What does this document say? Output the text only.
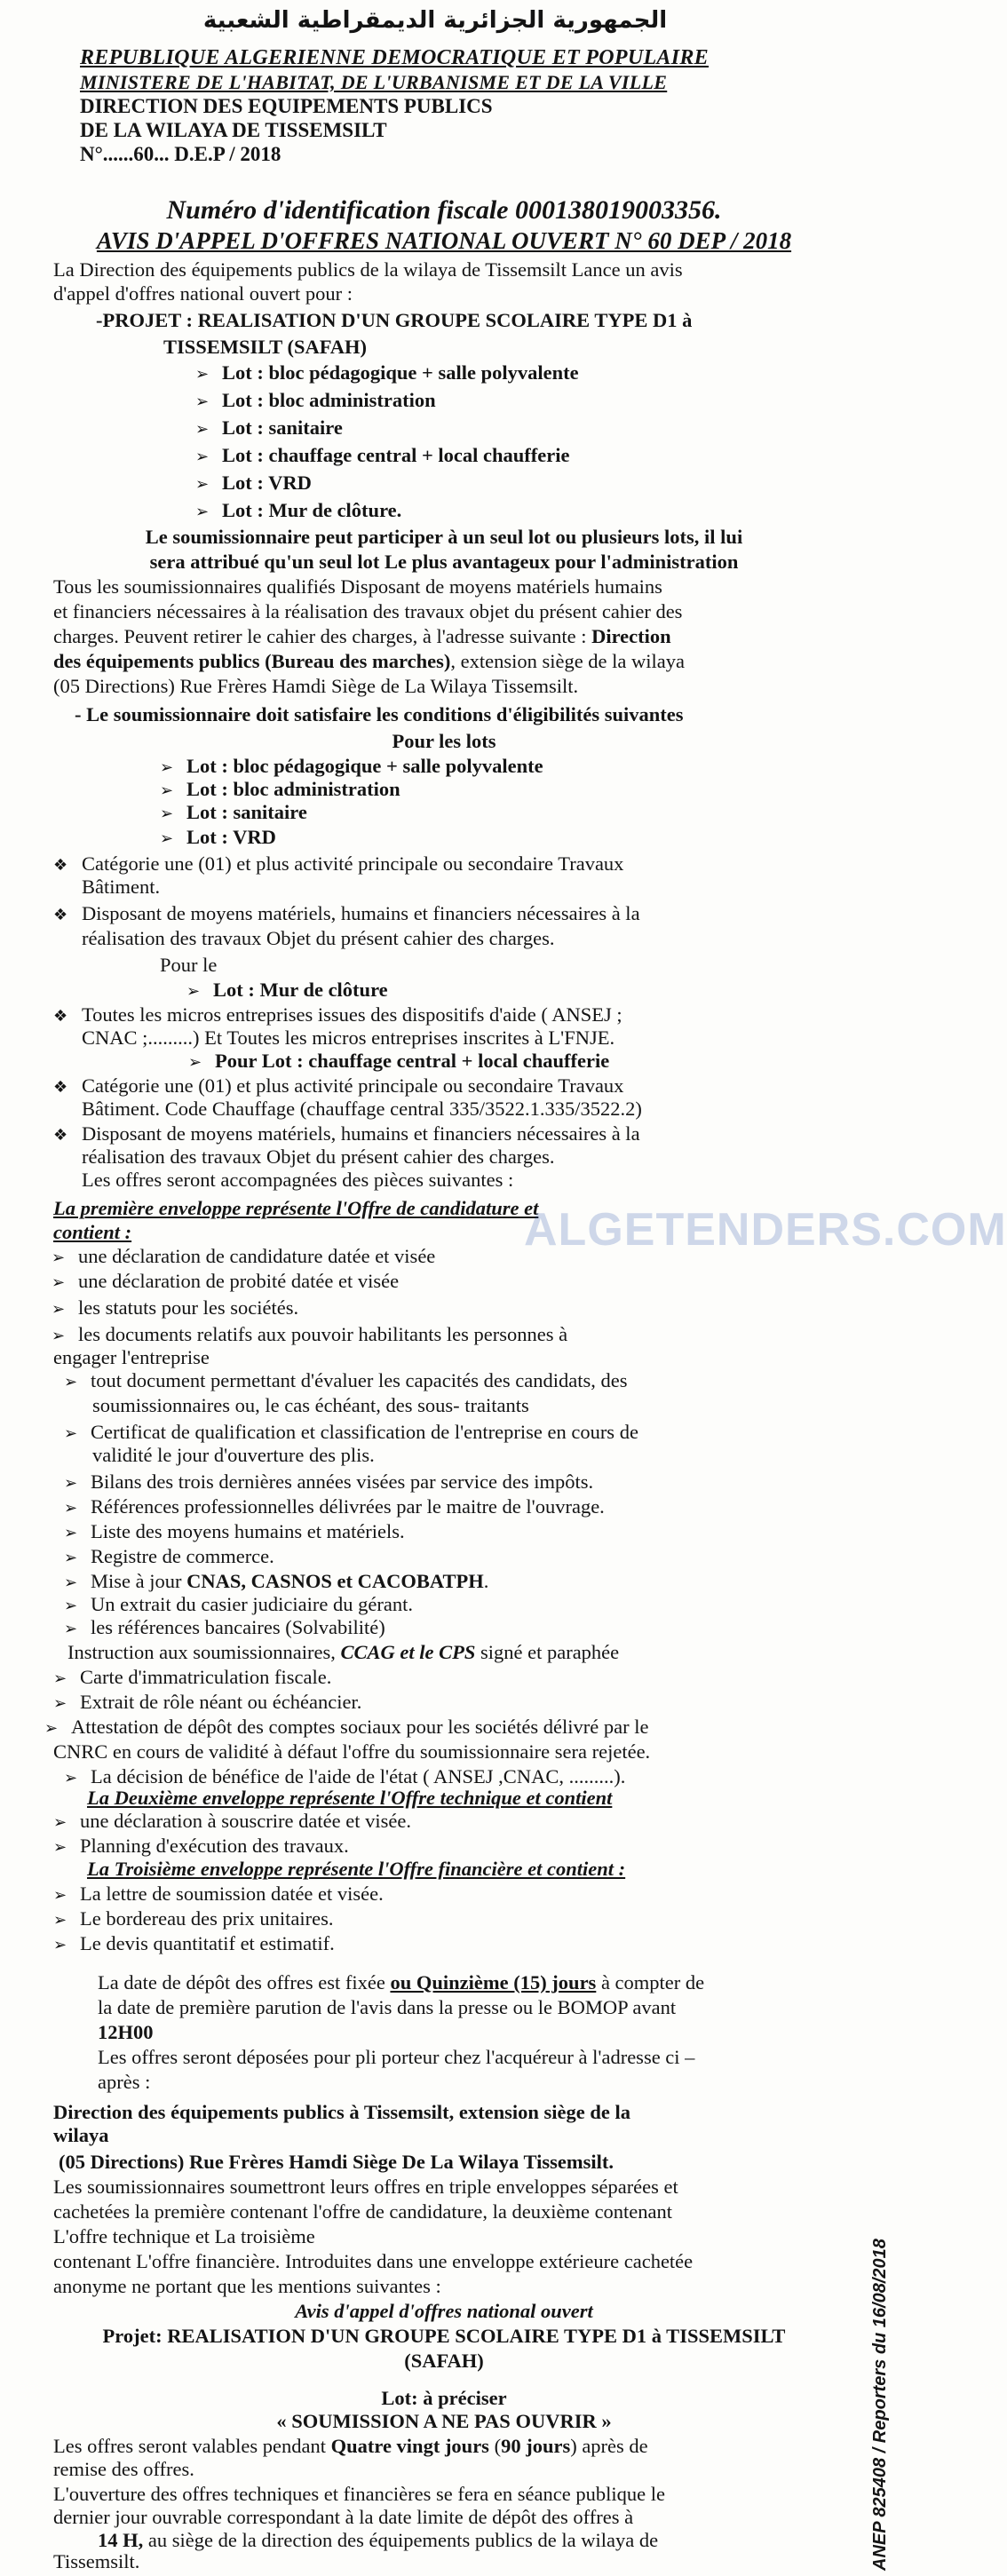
الجمهورية الجزائرية الديمقراطية الشعبية
REPUBLIQUE ALGERIENNE DEMOCRATIQUE ET POPULAIRE
MINISTERE DE L'HABITAT, DE L'URBANISME ET DE LA VILLE
DIRECTION DES EQUIPEMENTS PUBLICS
DE LA WILAYA DE TISSEMSILT
N°......60... D.E.P / 2018
Numéro d'identification fiscale 000138019003356.
AVIS D'APPEL D'OFFRES NATIONAL OUVERT N° 60 DEP / 2018
La Direction des équipements publics de la wilaya de Tissemsilt Lance un avis
d'appel d'offres national ouvert pour :
-PROJET : REALISATION D'UN GROUPE SCOLAIRE TYPE D1 à
TISSEMSILT (SAFAH)
➢ Lot : bloc pédagogique + salle polyvalente
➢ Lot : bloc administration
➢ Lot : sanitaire
➢ Lot : chauffage central + local chaufferie
➢ Lot : VRD
➢ Lot : Mur de clôture.
Le soumissionnaire peut participer à un seul lot ou plusieurs lots, il lui
sera attribué qu'un seul lot Le plus avantageux pour l'administration
Tous les soumissionnaires qualifiés Disposant de moyens matériels humains
et financiers nécessaires à la réalisation des travaux objet du présent cahier des
charges. Peuvent retirer le cahier des charges, à l'adresse suivante : Direction
des équipements publics (Bureau des marches), extension siège de la wilaya
(05 Directions) Rue Frères Hamdi Siège de La Wilaya Tissemsilt.
- Le soumissionnaire doit satisfaire les conditions d'éligibilités suivantes
Pour les lots
➢ Lot : bloc pédagogique + salle polyvalente
➢ Lot : bloc administration
➢ Lot : sanitaire
➢ Lot : VRD
❖ Catégorie une (01) et plus activité principale ou secondaire Travaux
Bâtiment.
❖ Disposant de moyens matériels, humains et financiers nécessaires à la
réalisation des travaux Objet du présent cahier des charges.
Pour le
➢ Lot : Mur de clôture
❖ Toutes les micros entreprises issues des dispositifs d'aide ( ANSEJ ;
CNAC ;.........) Et Toutes les micros entreprises inscrites à L'FNJE.
➢ Pour Lot : chauffage central + local chaufferie
❖ Catégorie une (01) et plus activité principale ou secondaire Travaux
Bâtiment. Code Chauffage (chauffage central 335/3522.1.335/3522.2)
❖ Disposant de moyens matériels, humains et financiers nécessaires à la
réalisation des travaux Objet du présent cahier des charges.
Les offres seront accompagnées des pièces suivantes :
La première enveloppe représente l'Offre de candidature et
contient :
➢ une déclaration de candidature datée et visée
➢ une déclaration de probité datée et visée
➢ les statuts pour les sociétés.
➢ les documents relatifs aux pouvoir habilitants les personnes à
engager l'entreprise
➢ tout document permettant d'évaluer les capacités des candidats, des
soumissionnaires ou, le cas échéant, des sous- traitants
➢ Certificat de qualification et classification de l'entreprise en cours de
validité le jour d'ouverture des plis.
➢ Bilans des trois dernières années visées par service des impôts.
➢ Références professionnelles délivrées par le maitre de l'ouvrage.
➢ Liste des moyens humains et matériels.
➢ Registre de commerce.
➢ Mise à jour CNAS, CASNOS et CACOBATPH.
➢ Un extrait du casier judiciaire du gérant.
➢ les références bancaires (Solvabilité)
Instruction aux soumissionnaires, CCAG et le CPS signé et paraphée
➢ Carte d'immatriculation fiscale.
➢ Extrait de rôle néant ou échéancier.
➢ Attestation de dépôt des comptes sociaux pour les sociétés délivré par le
CNRC en cours de validité à défaut l'offre du soumissionnaire sera rejetée.
➢ La décision de bénéfice de l'aide de l'état ( ANSEJ ,CNAC, .........).
La Deuxième enveloppe représente l'Offre technique et contient
➢ une déclaration à souscrire datée et visée.
➢ Planning d'exécution des travaux.
La Troisième enveloppe représente l'Offre financière et contient :
➢ La lettre de soumission datée et visée.
➢ Le bordereau des prix unitaires.
➢ Le devis quantitatif et estimatif.
La date de dépôt des offres est fixée ou Quinzième (15) jours à compter de
la date de première parution de l'avis dans la presse ou le BOMOP avant
12H00
Les offres seront déposées pour pli porteur chez l'acquéreur à l'adresse ci –
après :
Direction des équipements publics à Tissemsilt, extension siège de la
wilaya
(05 Directions) Rue Frères Hamdi Siège De La Wilaya Tissemsilt.
Les soumissionnaires soumettront leurs offres en triple enveloppes séparées et
cachetées la première contenant l'offre de candidature, la deuxième contenant
L'offre technique et La troisième
contenant L'offre financière. Introduites dans une enveloppe extérieure cachetée
anonyme ne portant que les mentions suivantes :
Avis d'appel d'offres national ouvert
Projet: REALISATION D'UN GROUPE SCOLAIRE TYPE D1 à TISSEMSILT
(SAFAH)
Lot: à préciser
« SOUMISSION A NE PAS OUVRIR »
Les offres seront valables pendant Quatre vingt jours (90 jours) après de
remise des offres.
L'ouverture des offres techniques et financières se fera en séance publique le
dernier jour ouvrable correspondant à la date limite de dépôt des offres à
14 H, au siège de la direction des équipements publics de la wilaya de
Tissemsilt.
ALGETENDERS.COM
ANEP 825408 / Reporters du 16/08/2018
